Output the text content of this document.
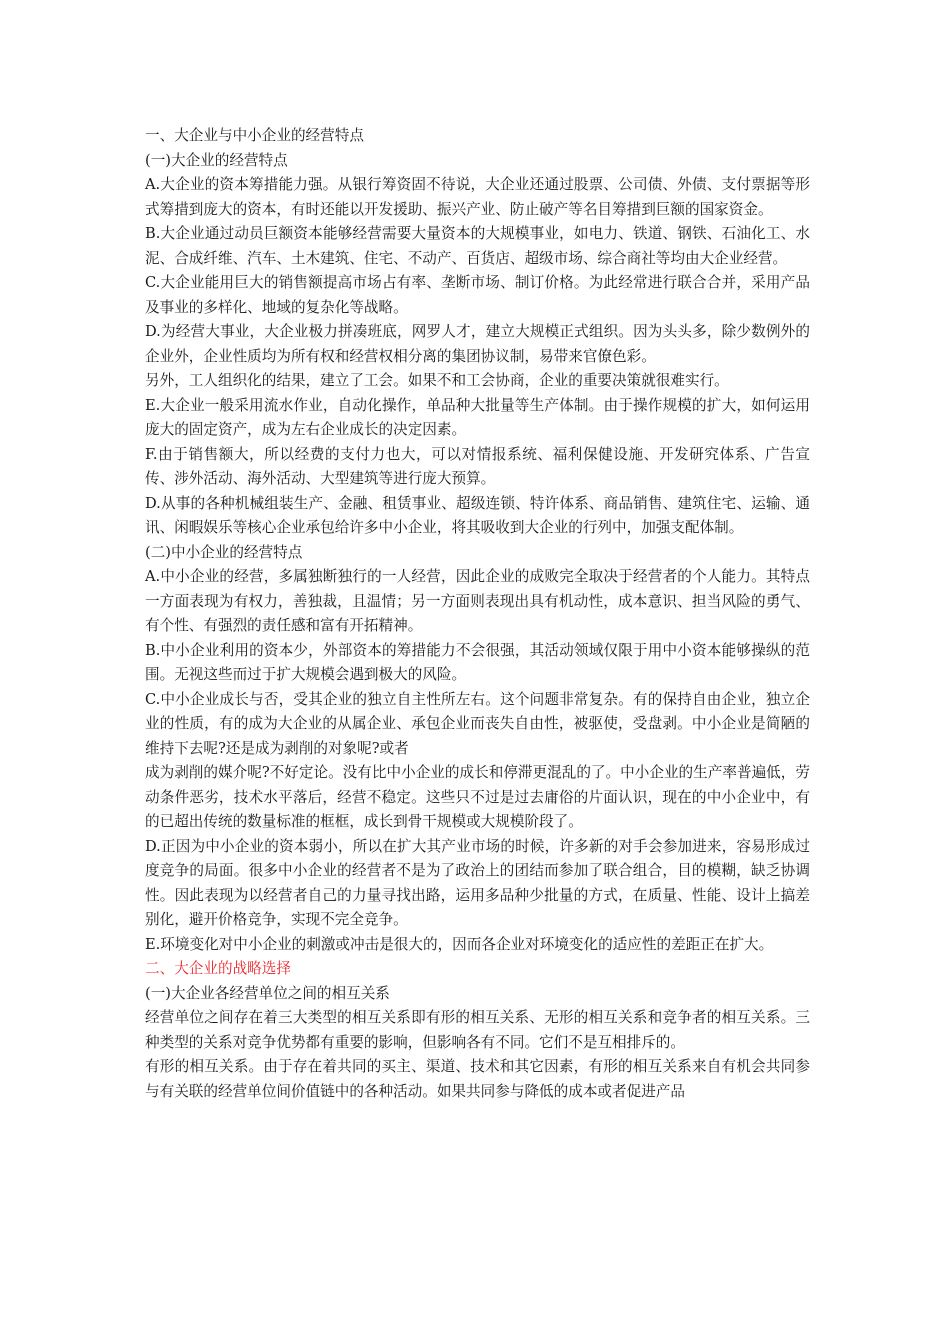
一、大企业与中小企业的经营特点

(一)大企业的经营特点

A.大企业的资本筹措能力强。从银行筹资固不待说，大企业还通过股票、公司债、外债、支付票据等形式筹措到庞大的资本，有时还能以开发援助、振兴产业、防止破产等名目筹措到巨额的国家资金。

B.大企业通过动员巨额资本能够经营需要大量资本的大规模事业，如电力、铁道、钢铁、石油化工、水泥、合成纤维、汽车、土木建筑、住宅、不动产、百货店、超级市场、综合商社等均由大企业经营。

C.大企业能用巨大的销售额提高市场占有率、垄断市场、制订价格。为此经常进行联合合并，采用产品及事业的多样化、地域的复杂化等战略。

D.为经营大事业，大企业极力拼凑班底，网罗人才，建立大规模正式组织。因为头头多，除少数例外的企业外，企业性质均为所有权和经营权相分离的集团协议制，易带来官僚色彩。

另外，工人组织化的结果，建立了工会。如果不和工会协商，企业的重要决策就很难实行。

E.大企业一般采用流水作业，自动化操作，单品种大批量等生产体制。由于操作规模的扩大，如何运用庞大的固定资产，成为左右企业成长的决定因素。

F.由于销售额大，所以经费的支付力也大，可以对情报系统、福利保健设施、开发研究体系、广告宣传、涉外活动、海外活动、大型建筑等进行庞大预算。

D.从事的各种机械组装生产、金融、租赁事业、超级连锁、特许体系、商品销售、建筑住宅、运输、通讯、闲暇娱乐等核心企业承包给许多中小企业，将其吸收到大企业的行列中，加强支配体制。

(二)中小企业的经营特点

A.中小企业的经营，多属独断独行的一人经营，因此企业的成败完全取决于经营者的个人能力。其特点一方面表现为有权力，善独裁，且温情；另一方面则表现出具有机动性，成本意识、担当风险的勇气、有个性、有强烈的责任感和富有开拓精神。

B.中小企业利用的资本少，外部资本的筹措能力不会很强，其活动领域仅限于用中小资本能够操纵的范围。无视这些而过于扩大规模会遇到极大的风险。

C.中小企业成长与否，受其企业的独立自主性所左右。这个问题非常复杂。有的保持自由企业，独立企业的性质，有的成为大企业的从属企业、承包企业而丧失自由性，被驱使，受盘剥。中小企业是简陋的维持下去呢?还是成为剥削的对象呢?或者

成为剥削的媒介呢?不好定论。没有比中小企业的成长和停滞更混乱的了。中小企业的生产率普遍低，劳动条件恶劣，技术水平落后，经营不稳定。这些只不过是过去庸俗的片面认识，现在的中小企业中，有的已超出传统的数量标准的框框，成长到骨干规模或大规模阶段了。

D.正因为中小企业的资本弱小，所以在扩大其产业市场的时候，许多新的对手会参加进来，容易形成过度竞争的局面。很多中小企业的经营者不是为了政治上的团结而参加了联合组合，目的模糊，缺乏协调性。因此表现为以经营者自己的力量寻找出路，运用多品种少批量的方式，在质量、性能、设计上搞差别化，避开价格竞争，实现不完全竞争。

E.环境变化对中小企业的刺激或冲击是很大的，因而各企业对环境变化的适应性的差距正在扩大。

二、大企业的战略选择

(一)大企业各经营单位之间的相互关系

经营单位之间存在着三大类型的相互关系即有形的相互关系、无形的相互关系和竞争者的相互关系。三种类型的关系对竞争优势都有重要的影响，但影响各有不同。它们不是互相排斥的。

有形的相互关系。由于存在着共同的买主、渠道、技术和其它因素，有形的相互关系来自有机会共同参与有关联的经营单位间价值链中的各种活动。如果共同参与降低的成本或者促进产品
